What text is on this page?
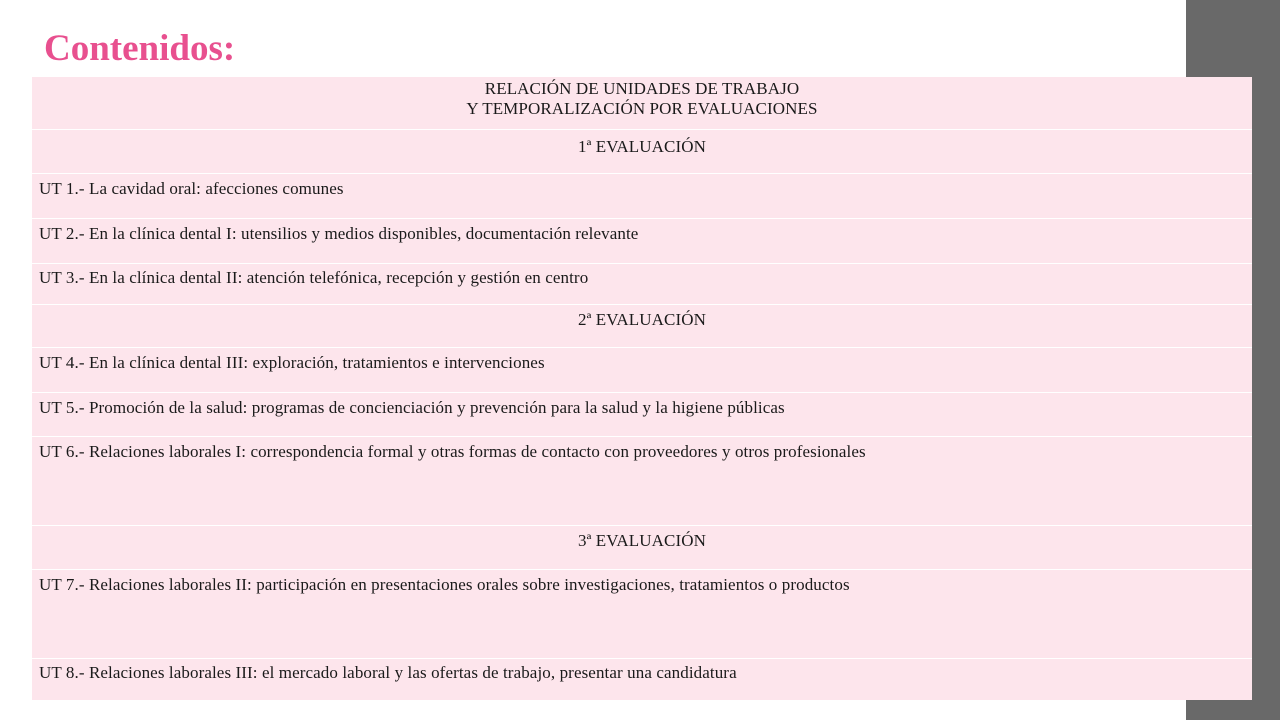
Contenidos:
RELACIÓN DE UNIDADES DE TRABAJO
Y TEMPORALIZACIÓN POR EVALUACIONES
1ª EVALUACIÓN
UT 1.- La cavidad oral: afecciones comunes
UT 2.- En la clínica dental I: utensilios y medios disponibles, documentación relevante
UT 3.- En la clínica dental II: atención telefónica, recepción y gestión en centro
2ª EVALUACIÓN
UT 4.- En la clínica dental III: exploración, tratamientos e intervenciones
UT 5.- Promoción de la salud: programas de concienciación y prevención para la salud y la higiene públicas
UT 6.- Relaciones laborales I: correspondencia formal y otras formas de contacto con proveedores y otros profesionales
3ª EVALUACIÓN
UT 7.- Relaciones laborales II: participación en presentaciones orales sobre investigaciones, tratamientos o productos
UT 8.- Relaciones laborales III: el mercado laboral y las ofertas de trabajo, presentar una candidatura
